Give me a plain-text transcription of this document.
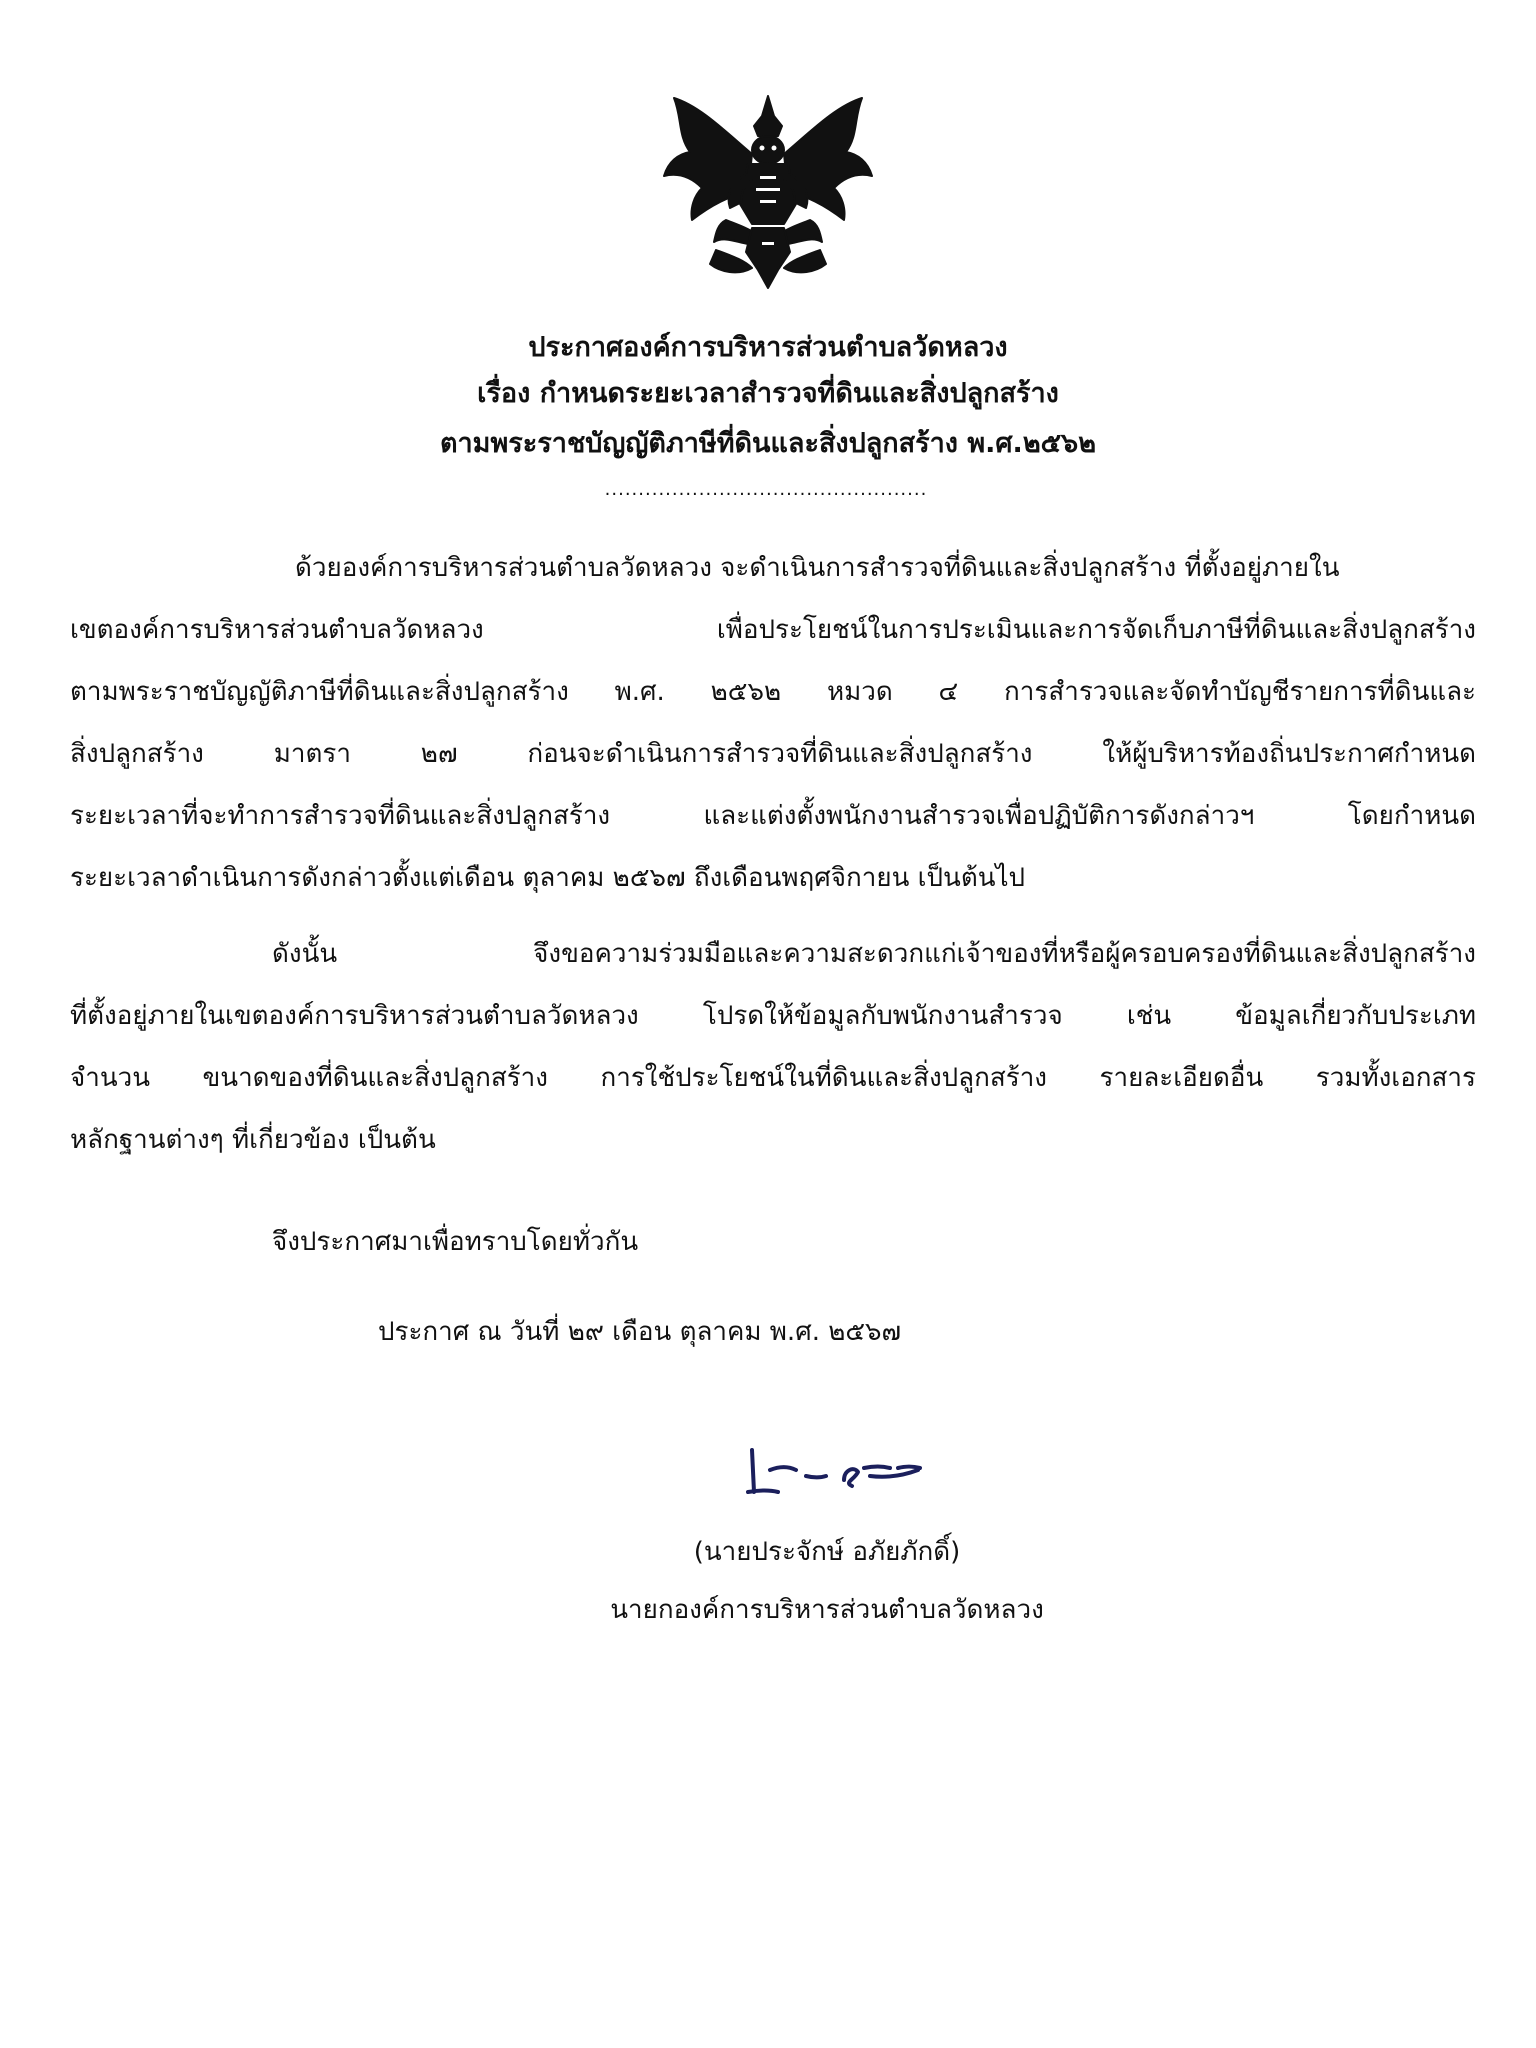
ประกาศองค์การบริหารส่วนตำบลวัดหลวง
เรื่อง กำหนดระยะเวลาสำรวจที่ดินและสิ่งปลูกสร้าง
ตามพระราชบัญญัติภาษีที่ดินและสิ่งปลูกสร้าง พ.ศ.๒๕๖๒
................................................
ด้วยองค์การบริหารส่วนตำบลวัดหลวง จะดำเนินการสำรวจที่ดินและสิ่งปลูกสร้าง ที่ตั้งอยู่ภายใน
เขตองค์การบริหารส่วนตำบลวัดหลวง เพื่อประโยชน์ในการประเมินและการจัดเก็บภาษีที่ดินและสิ่งปลูกสร้าง
ตามพระราชบัญญัติภาษีที่ดินและสิ่งปลูกสร้าง พ.ศ. ๒๕๖๒ หมวด ๔ การสำรวจและจัดทำบัญชีรายการที่ดินและ
สิ่งปลูกสร้าง มาตรา ๒๗ ก่อนจะดำเนินการสำรวจที่ดินและสิ่งปลูกสร้าง ให้ผู้บริหารท้องถิ่นประกาศกำหนด
ระยะเวลาที่จะทำการสำรวจที่ดินและสิ่งปลูกสร้าง และแต่งตั้งพนักงานสำรวจเพื่อปฏิบัติการดังกล่าวฯ โดยกำหนด
ระยะเวลาดำเนินการดังกล่าวตั้งแต่เดือน ตุลาคม ๒๕๖๗ ถึงเดือนพฤศจิกายน เป็นต้นไป
ดังนั้น จึงขอความร่วมมือและความสะดวกแก่เจ้าของที่หรือผู้ครอบครองที่ดินและสิ่งปลูกสร้าง
ที่ตั้งอยู่ภายในเขตองค์การบริหารส่วนตำบลวัดหลวง โปรดให้ข้อมูลกับพนักงานสำรวจ เช่น ข้อมูลเกี่ยวกับประเภท
จำนวน ขนาดของที่ดินและสิ่งปลูกสร้าง การใช้ประโยชน์ในที่ดินและสิ่งปลูกสร้าง รายละเอียดอื่น รวมทั้งเอกสาร
หลักฐานต่างๆ ที่เกี่ยวข้อง เป็นต้น
จึงประกาศมาเพื่อทราบโดยทั่วกัน
ประกาศ ณ วันที่ ๒๙ เดือน ตุลาคม พ.ศ. ๒๕๖๗
(นายประจักษ์ อภัยภักดิ์)
นายกองค์การบริหารส่วนตำบลวัดหลวง
